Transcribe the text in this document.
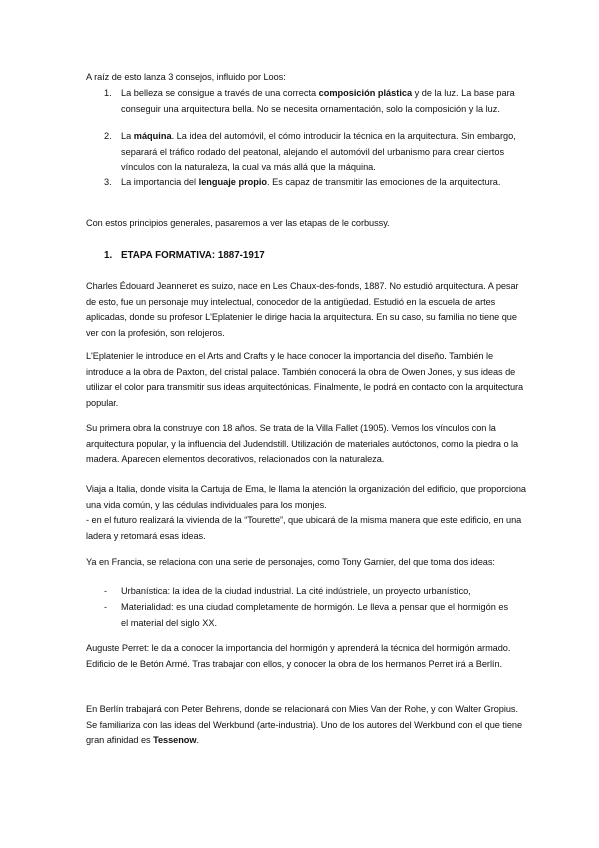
A raíz de esto lanza 3 consejos, influido por Loos:
1. La belleza se consigue a través de una correcta composición plástica y de la luz. La base para conseguir una arquitectura bella. No se necesita ornamentación, solo la composición y la luz.
2. La máquina. La idea del automóvil, el cómo introducir la técnica en la arquitectura. Sin embargo, separará el tráfico rodado del peatonal, alejando el automóvil del urbanismo para crear ciertos vínculos con la naturaleza, la cual va más allá que la máquina.
3. La importancia del lenguaje propio. Es capaz de transmitir las emociones de la arquitectura.
Con estos principios generales, pasaremos a ver las etapas de le corbussy.
1. ETAPA FORMATIVA: 1887-1917
Charles Édouard Jeanneret es suizo, nace en Les Chaux-des-fonds, 1887. No estudió arquitectura. A pesar de esto, fue un personaje muy intelectual, conocedor de la antigüedad. Estudió en la escuela de artes aplicadas, donde su profesor L'Eplatenier le dirige hacia la arquitectura. En su caso, su familia no tiene que ver con la profesión, son relojeros.
L'Eplatenier le introduce en el Arts and Crafts y le hace conocer la importancia del diseño. También le introduce a la obra de Paxton, del cristal palace. También conocerá la obra de Owen Jones, y sus ideas de utilizar el color para transmitir sus ideas arquitectónicas. Finalmente, le podrá en contacto con la arquitectura popular.
Su primera obra la construye con 18 años. Se trata de la Villa Fallet (1905). Vemos los vínculos con la arquitectura popular, y la influencia del Judendstill. Utilización de materiales autóctonos, como la piedra o la madera. Aparecen elementos decorativos, relacionados con la naturaleza.
Viaja a Italia, donde visita la Cartuja de Ema, le llama la atención la organización del edificio, que proporciona una vida común, y las cédulas individuales para los monjes.
- en el futuro realizará la vivienda de la “Tourette”, que ubicará de la misma manera que este edificio, en una ladera y retomará esas ideas.
Ya en Francia, se relaciona con una serie de personajes, como Tony Garnier, del que toma dos ideas:
- Urbanística: la idea de la ciudad industrial. La cité indústriele, un proyecto urbanístico,
- Materialidad: es una ciudad completamente de hormigón. Le lleva a pensar que el hormigón es el material del siglo XX.
Auguste Perret: le da a conocer la importancia del hormigón y aprenderá la técnica del hormigón armado. Edificio de le Betón Armé. Tras trabajar con ellos, y conocer la obra de los hermanos Perret irá a Berlín.
En Berlín trabajará con Peter Behrens, donde se relacionará con Mies Van der Rohe, y con Walter Gropius. Se familiariza con las ideas del Werkbund (arte-industria). Uno de los autores del Werkbund con el que tiene gran afinidad es Tessenow.
